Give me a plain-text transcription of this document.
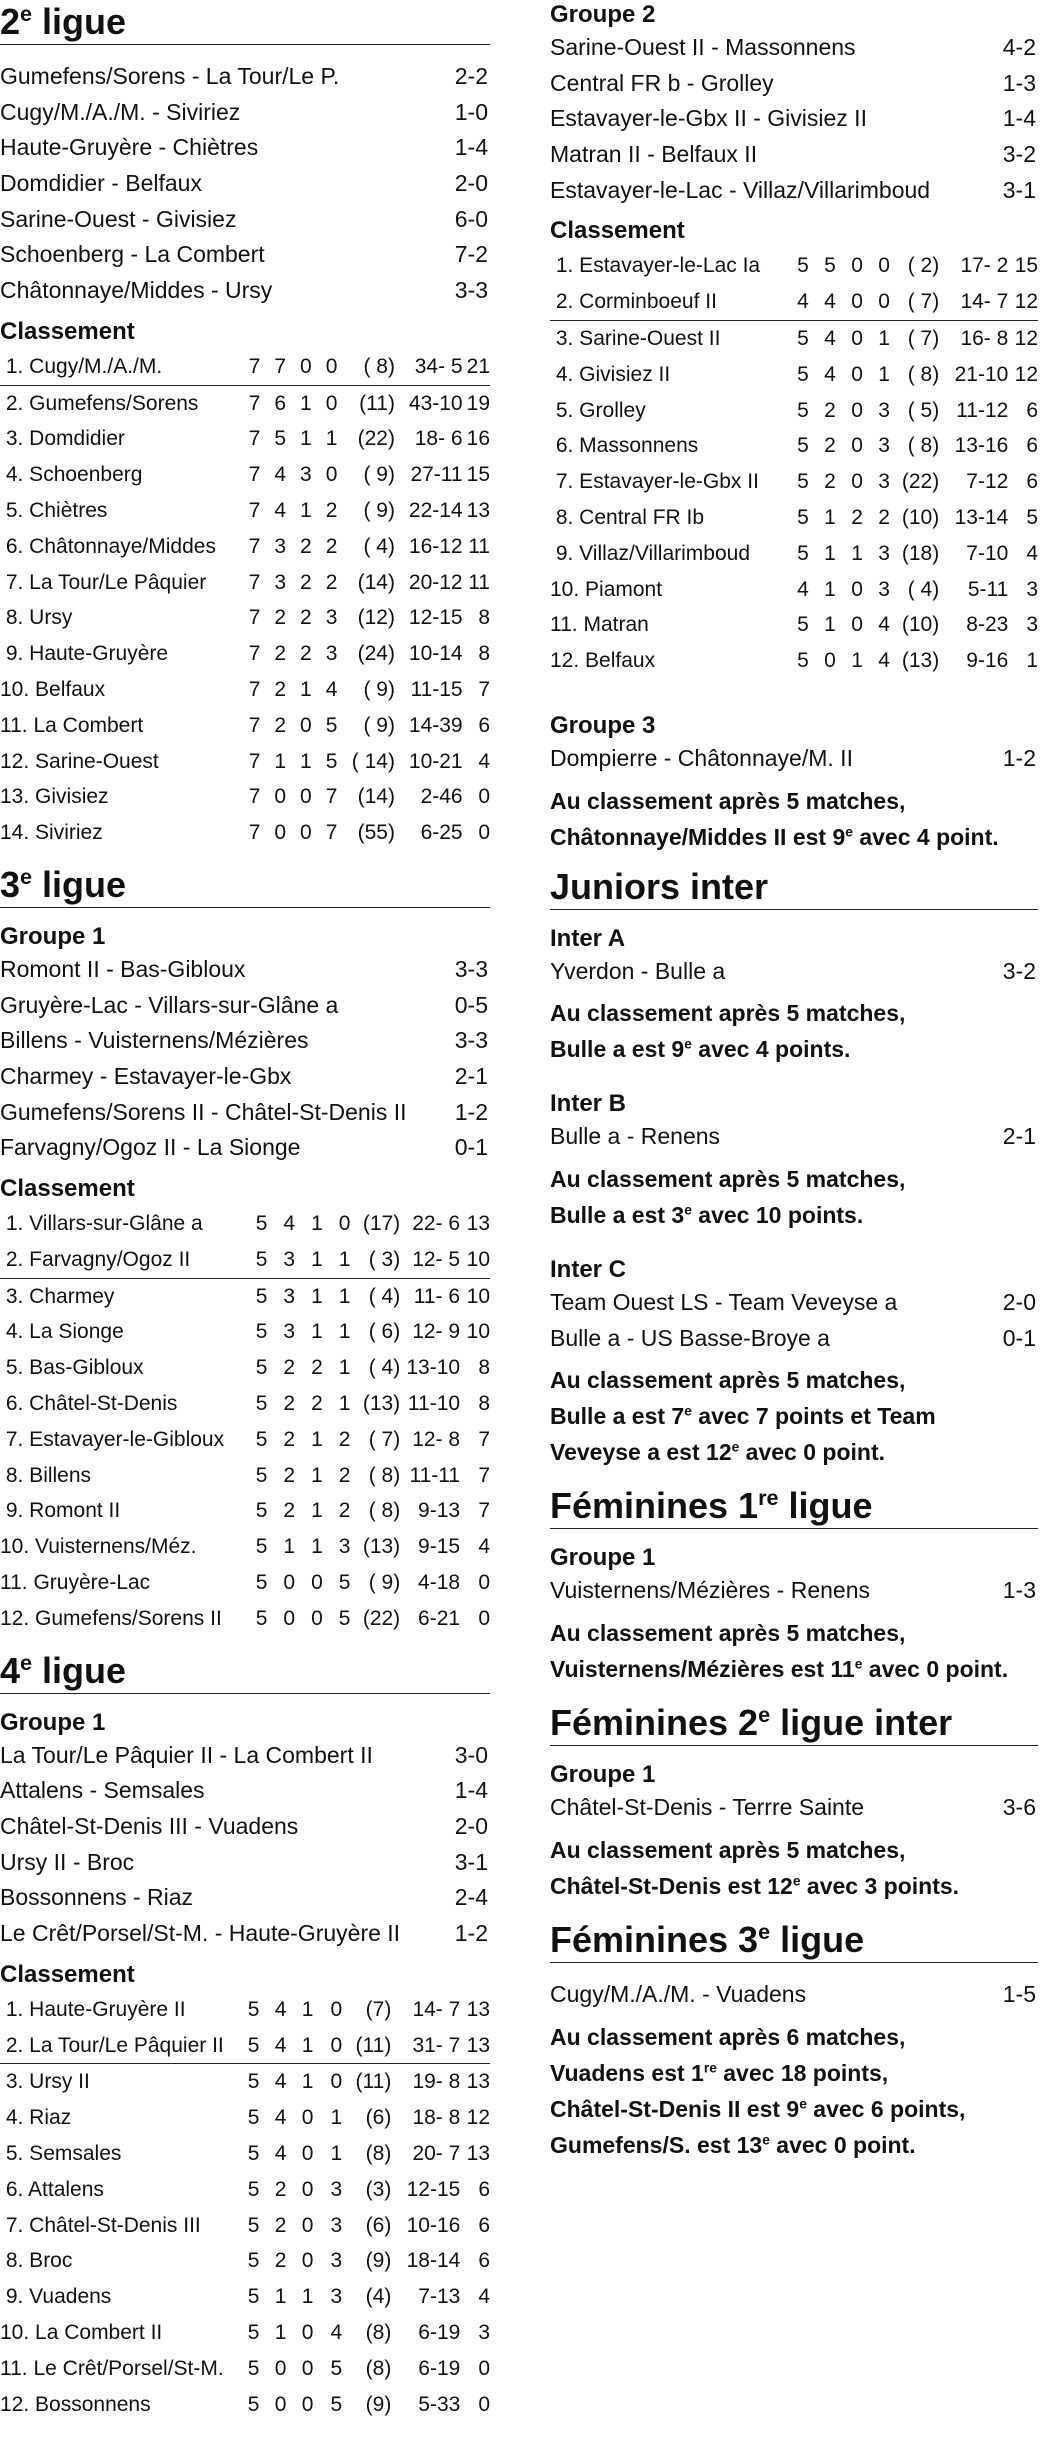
2e ligue
Gumefens/Sorens - La Tour/Le P.	2-2
Cugy/M./A./M. - Siviriez	1-0
Haute-Gruyère - Chiètres	1-4
Domdidier - Belfaux	2-0
Sarine-Ouest - Givisiez	6-0
Schoenberg - La Combert	7-2
Châtonnaye/Middes - Ursy	3-3
Classement
1. Cugy/M./A./M.	7	7	0	0	( 8)	34- 5	21
2. Gumefens/Sorens	7	6	1	0	(11)	43-10	19
3. Domdidier	7	5	1	1	(22)	18- 6	16
4. Schoenberg	7	4	3	0	( 9)	27-11	15
5. Chiètres	7	4	1	2	( 9)	22-14	13
6. Châtonnaye/Middes	7	3	2	2	( 4)	16-12	11
7. La Tour/Le Pâquier	7	3	2	2	(14)	20-12	11
8. Ursy	7	2	2	3	(12)	12-15	8
9. Haute-Gruyère	7	2	2	3	(24)	10-14	8
10. Belfaux	7	2	1	4	( 9)	11-15	7
11. La Combert	7	2	0	5	( 9)	14-39	6
12. Sarine-Ouest	7	1	1	5	( 14)	10-21	4
13. Givisiez	7	0	0	7	(14)	2-46	0
14. Siviriez	7	0	0	7	(55)	6-25	0
3e ligue
Groupe 1
Romont II - Bas-Gibloux	3-3
Gruyère-Lac - Villars-sur-Glâne a	0-5
Billens - Vuisternens/Mézières	3-3
Charmey - Estavayer-le-Gbx	2-1
Gumefens/Sorens II - Châtel-St-Denis II 1-2
Farvagny/Ogoz II - La Sionge	0-1
Classement
1. Villars-sur-Glâne a	5	4	1	0	(17)	22- 6	13
2. Farvagny/Ogoz II	5	3	1	1	( 3)	12- 5	10
3. Charmey	5	3	1	1	( 4)	11- 6	10
4. La Sionge	5	3	1	1	( 6)	12- 9	10
5. Bas-Gibloux	5	2	2	1	( 4)	13-10	8
6. Châtel-St-Denis	5	2	2	1	(13)	11-10	8
7. Estavayer-le-Gibloux	5	2	1	2	( 7)	12- 8	7
8. Billens	5	2	1	2	( 8)	11-11	7
9. Romont II	5	2	1	2	( 8)	9-13	7
10. Vuisternens/Méz.	5	1	1	3	(13)	9-15	4
11. Gruyère-Lac	5	0	0	5	( 9)	4-18	0
12. Gumefens/Sorens II	5	0	0	5	(22)	6-21	0
4e ligue
Groupe 1
La Tour/Le Pâquier II - La Combert II	3-0
Attalens - Semsales	1-4
Châtel-St-Denis III - Vuadens	2-0
Ursy II - Broc	3-1
Bossonnens - Riaz	2-4
Le Crêt/Porsel/St-M. - Haute-Gruyère II 1-2
Classement
1. Haute-Gruyère II	5	4	1	0	(7)	14- 7	13
2. La Tour/Le Pâquier II	5	4	1	0	(11)	31- 7	13
3. Ursy II	5	4	1	0	(11)	19- 8	13
4. Riaz	5	4	0	1	(6)	18- 8	12
5. Semsales	5	4	0	1	(8)	20- 7	13
6. Attalens	5	2	0	3	(3)	12-15	6
7. Châtel-St-Denis III	5	2	0	3	(6)	10-16	6
8. Broc	5	2	0	3	(9)	18-14	6
9. Vuadens	5	1	1	3	(4)	7-13	4
10. La Combert II	5	1	0	4	(8)	6-19	3
11. Le Crêt/Porsel/St-M.	5	0	0	5	(8)	6-19	0
12. Bossonnens	5	0	0	5	(9)	5-33	0
Groupe 2
Sarine-Ouest II - Massonnens	4-2
Central FR b - Grolley	1-3
Estavayer-le-Gbx II - Givisiez II	1-4
Matran II - Belfaux II	3-2
Estavayer-le-Lac - Villaz/Villarimboud	3-1
Classement
1. Estavayer-le-Lac Ia	5	5	0	0	( 2)	17- 2	15
2. Corminboeuf II	4	4	0	0	( 7)	14- 7	12
3. Sarine-Ouest II	5	4	0	1	( 7)	16- 8	12
4. Givisiez II	5	4	0	1	( 8)	21-10	12
5. Grolley	5	2	0	3	( 5)	11-12	6
6. Massonnens	5	2	0	3	( 8)	13-16	6
7. Estavayer-le-Gbx II	5	2	0	3	(22)	7-12	6
8. Central FR Ib	5	1	2	2	(10)	13-14	5
9. Villaz/Villarimboud	5	1	1	3	(18)	7-10	4
10. Piamont	4	1	0	3	( 4)	5-11	3
11. Matran	5	1	0	4	(10)	8-23	3
12. Belfaux	5	0	1	4	(13)	9-16	1
Groupe 3
Dompierre - Châtonnaye/M. II	1-2
Au classement après 5 matches,
Châtonnaye/Middes II est 9e avec 4 point.
Juniors inter
Inter A
Yverdon - Bulle a	3-2
Au classement après 5 matches,
Bulle a est 9e avec 4 points.
Inter B
Bulle a - Renens	2-1
Au classement après 5 matches,
Bulle a est 3e avec 10 points.
Inter C
Team Ouest LS - Team Veveyse a	2-0
Bulle a - US Basse-Broye a	0-1
Au classement après 5 matches,
Bulle a est 7e avec 7 points et Team
Veveyse a est 12e avec 0 point.
Féminines 1re ligue
Groupe 1
Vuisternens/Mézières - Renens	1-3
Au classement après 5 matches,
Vuisternens/Mézières est 11e avec 0 point.
Féminines 2e ligue inter
Groupe 1
Châtel-St-Denis - Terrre Sainte	3-6
Au classement après 5 matches,
Châtel-St-Denis est 12e avec 3 points.
Féminines 3e ligue
Cugy/M./A./M. - Vuadens	1-5
Au classement après 6 matches,
Vuadens est 1re avec 18 points,
Châtel-St-Denis II est 9e avec 6 points,
Gumefens/S. est 13e avec 0 point.
